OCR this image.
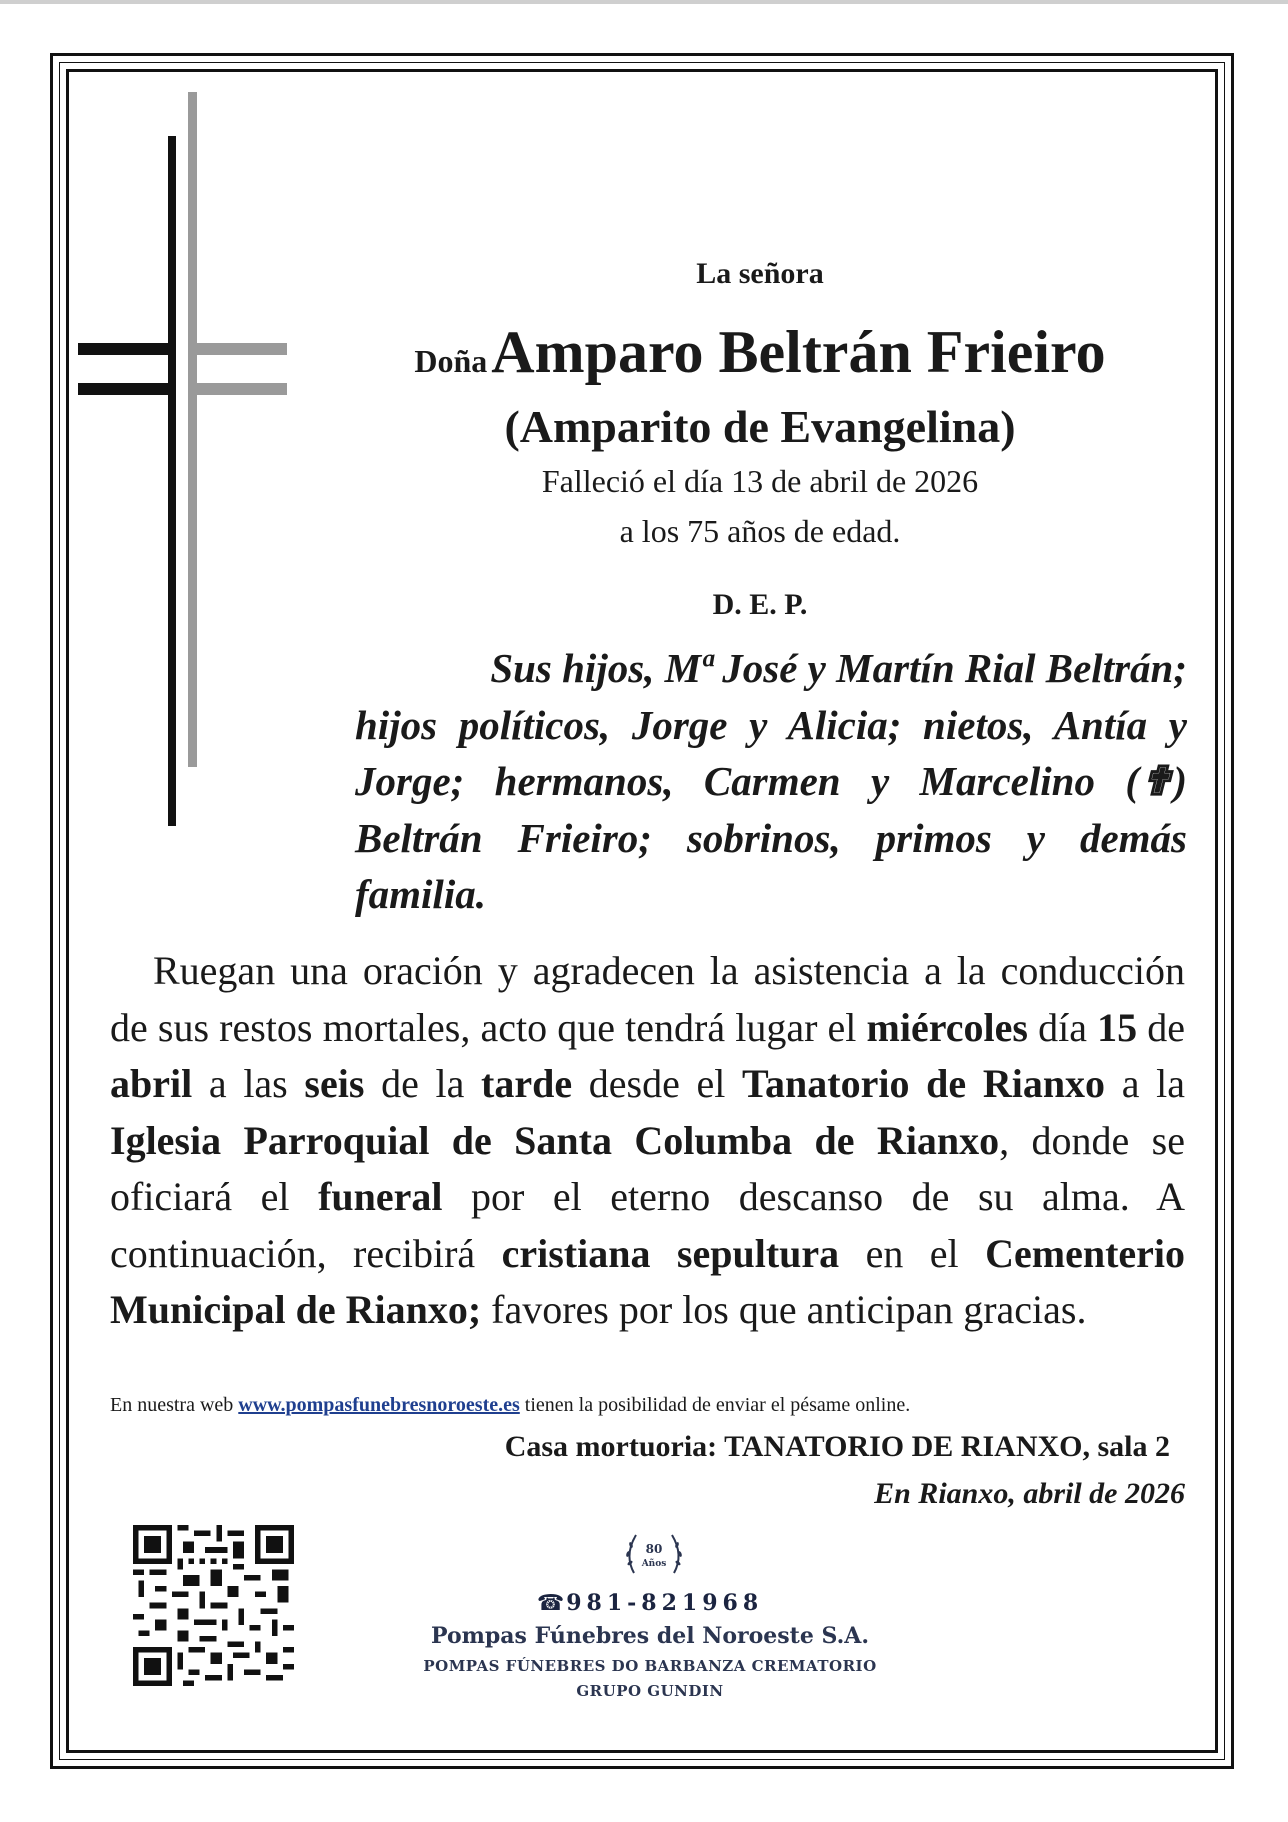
La señora
Doña Amparo Beltrán Frieiro
(Amparito de Evangelina)
Falleció el día 13 de abril de 2026
a los 75 años de edad.
D. E. P.
Sus hijos, Mª José y Martín Rial Beltrán;
hijos políticos, Jorge y Alicia; nietos, Antía y Jorge; hermanos, Carmen y Marcelino (✟) Beltrán Frieiro; sobrinos, primos y demás familia.
Ruegan una oración y agradecen la asistencia a la conducción de sus restos mortales, acto que tendrá lugar el miércoles día 15 de abril a las seis de la tarde desde el Tanatorio de Rianxo a la Iglesia Parroquial de Santa Columba de Rianxo, donde se oficiará el funeral por el eterno descanso de su alma. A continuación, recibirá cristiana sepultura en el Cementerio Municipal de Rianxo; favores por los que anticipan gracias.
En nuestra web www.pompasfunebresnoroeste.es tienen la posibilidad de enviar el pésame online.
Casa mortuoria: TANATORIO DE RIANXO, sala 2
En Rianxo, abril de 2026
80
Años
☎981-821968
Pompas Fúnebres del Noroeste S.A.
POMPAS FÚNEBRES DO BARBANZA CREMATORIO
GRUPO GUNDIN
